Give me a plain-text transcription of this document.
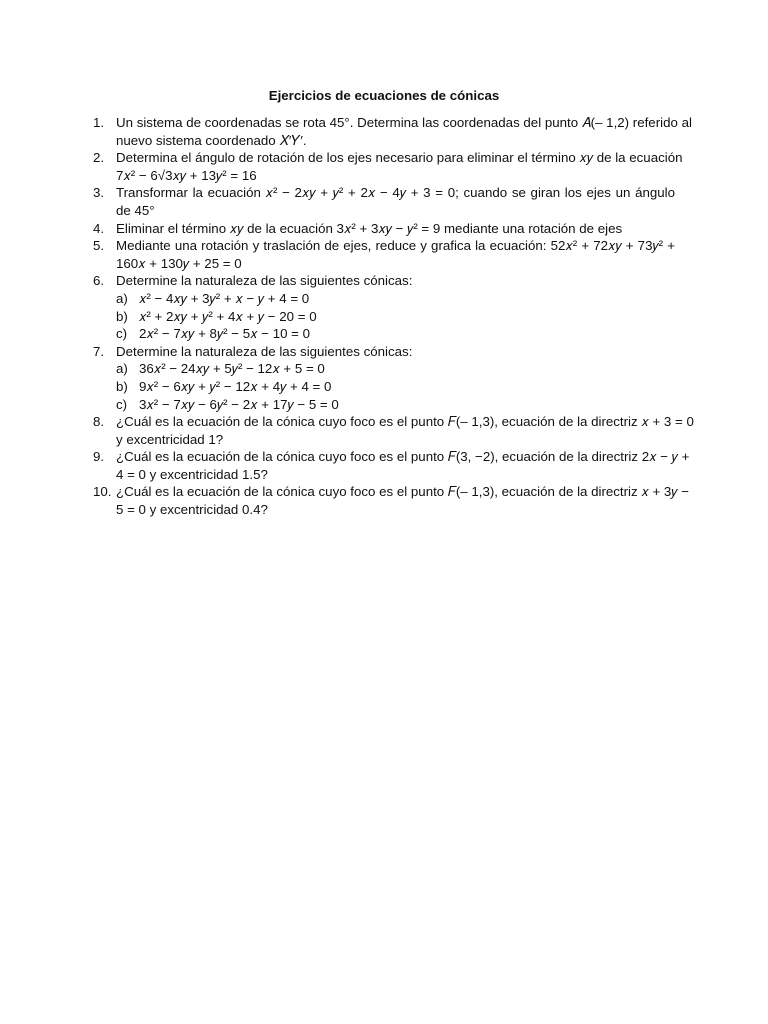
Ejercicios de ecuaciones de cónicas
1. Un sistema de coordenadas se rota 45°. Determina las coordenadas del punto 𝐴(– 1,2) referido al
nuevo sistema coordenado 𝑋′𝑌′.
2. Determina el ángulo de rotación de los ejes necesario para eliminar el término 𝑥𝑦 de la ecuación
7𝑥² − 6√3𝑥𝑦 + 13𝑦² = 16
3. Transformar la ecuación 𝑥² − 2𝑥𝑦 + 𝑦² + 2𝑥 − 4𝑦 + 3 = 0; cuando se giran los ejes un ángulo
de 45°
4. Eliminar el término 𝑥𝑦 de la ecuación 3𝑥² + 3𝑥𝑦 − 𝑦² = 9 mediante una rotación de ejes
5. Mediante una rotación y traslación de ejes, reduce y grafica la ecuación: 52𝑥² + 72𝑥𝑦 + 73𝑦² +
160𝑥 + 130𝑦 + 25 = 0
6. Determine la naturaleza de las siguientes cónicas:
a) 𝑥² − 4𝑥𝑦 + 3𝑦² + 𝑥 − 𝑦 + 4 = 0
b) 𝑥² + 2𝑥𝑦 + 𝑦² + 4𝑥 + 𝑦 − 20 = 0
c) 2𝑥² − 7𝑥𝑦 + 8𝑦² − 5𝑥 − 10 = 0
7. Determine la naturaleza de las siguientes cónicas:
a) 36𝑥² − 24𝑥𝑦 + 5𝑦² − 12𝑥 + 5 = 0
b) 9𝑥² − 6𝑥𝑦 + 𝑦² − 12𝑥 + 4𝑦 + 4 = 0
c) 3𝑥² − 7𝑥𝑦 − 6𝑦² − 2𝑥 + 17𝑦 − 5 = 0
8. ¿Cuál es la ecuación de la cónica cuyo foco es el punto 𝐹(– 1,3), ecuación de la directriz 𝑥 + 3 = 0
y excentricidad 1?
9. ¿Cuál es la ecuación de la cónica cuyo foco es el punto 𝐹(3, −2), ecuación de la directriz 2𝑥 − 𝑦 +
4 = 0 y excentricidad 1.5?
10. ¿Cuál es la ecuación de la cónica cuyo foco es el punto 𝐹(– 1,3), ecuación de la directriz 𝑥 + 3𝑦 −
5 = 0 y excentricidad 0.4?
